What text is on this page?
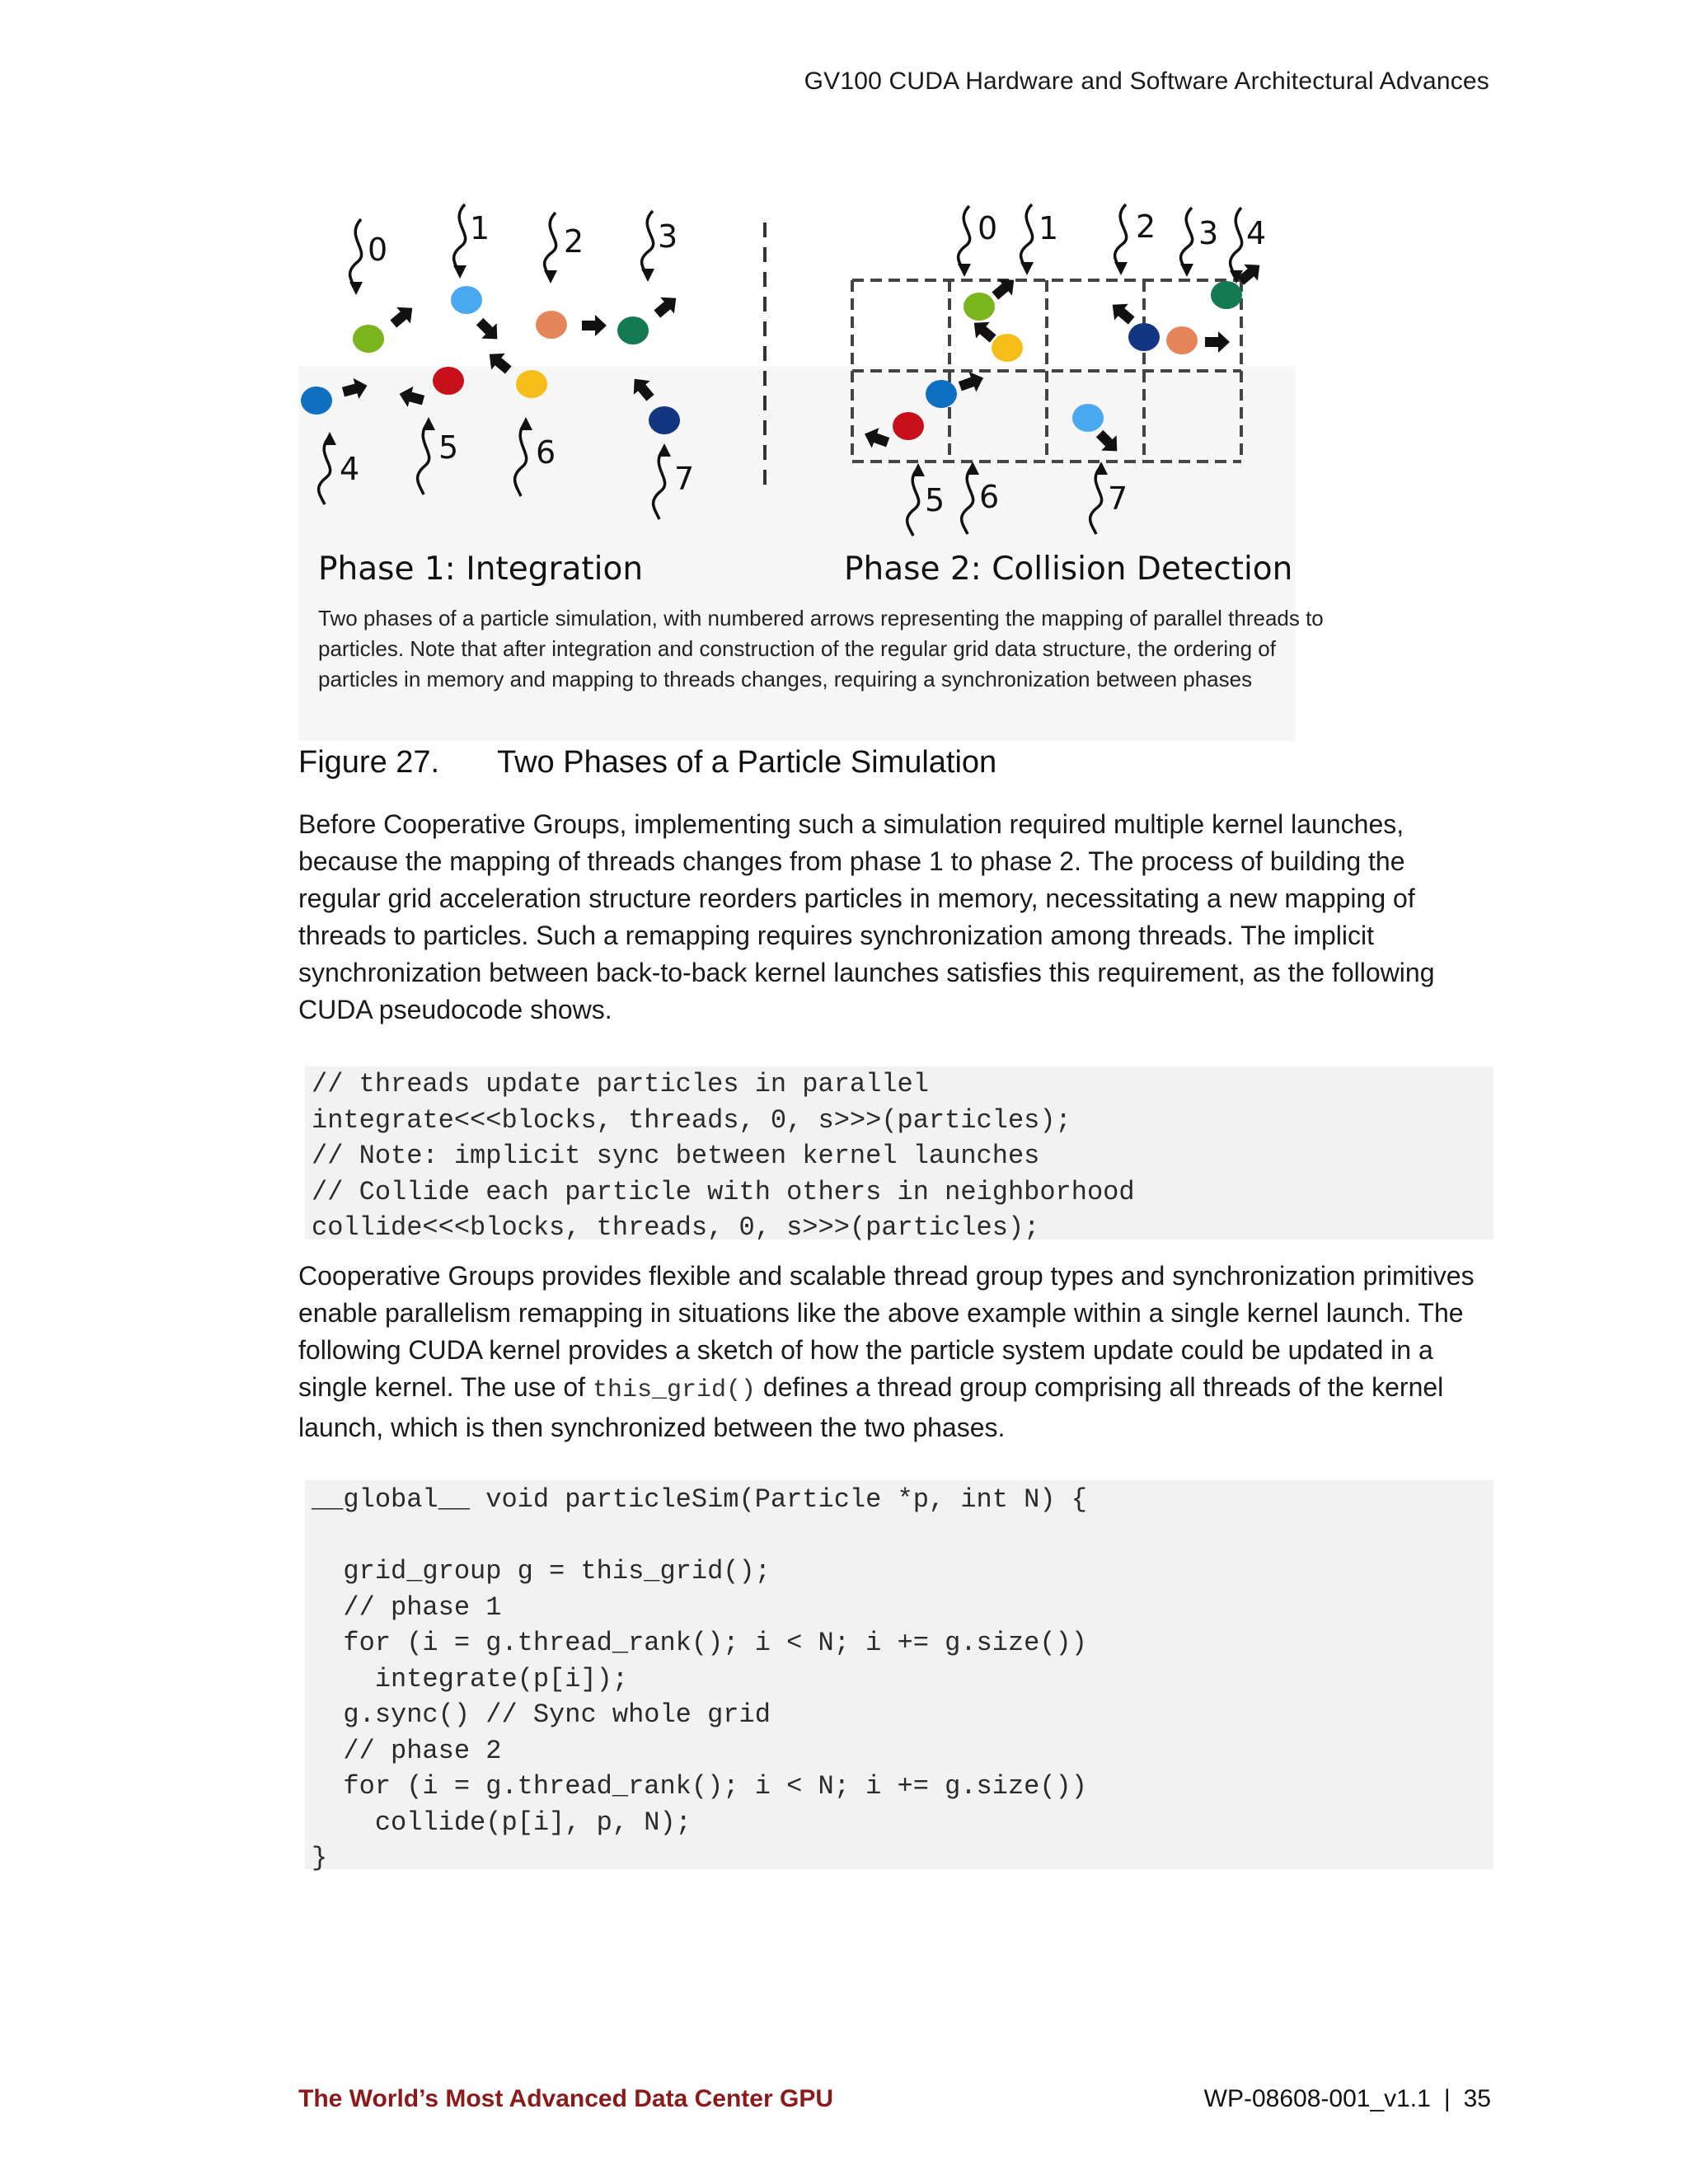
GV100 CUDA Hardware and Software Architectural Advances
0
1 2 3
4
5 6
7
0 1 2 3 4
5 6	7
Phase 1: Integration	Phase 2: Collision Detection
Two phases of a particle simulation, with numbered arrows representing the mapping of parallel threads to particles. Note that after integration and construction of the regular grid data structure, the ordering of particles in memory and mapping to threads changes, requiring a synchronization between phases
Figure 27. Two Phases of a Particle Simulation
Before Cooperative Groups, implementing such a simulation required multiple kernel launches, because the mapping of threads changes from phase 1 to phase 2. The process of building the regular grid acceleration structure reorders particles in memory, necessitating a new mapping of threads to particles. Such a remapping requires synchronization among threads. The implicit synchronization between back-to-back kernel launches satisfies this requirement, as the following CUDA pseudocode shows.
// threads update particles in parallel
integrate<<<blocks, threads, 0, s>>>(particles);
// Note: implicit sync between kernel launches
// Collide each particle with others in neighborhood
collide<<<blocks, threads, 0, s>>>(particles);
Cooperative Groups provides flexible and scalable thread group types and synchronization primitives enable parallelism remapping in situations like the above example within a single kernel launch. The following CUDA kernel provides a sketch of how the particle system update could be updated in a single kernel. The use of this_grid() defines a thread group comprising all threads of the kernel launch, which is then synchronized between the two phases.
__global__ void particleSim(Particle *p, int N) {
grid_group g = this_grid();
// phase 1
for (i = g.thread_rank(); i < N; i += g.size())
integrate(p[i]);
g.sync() // Sync whole grid
// phase 2
for (i = g.thread_rank(); i < N; i += g.size())
collide(p[i], p, N);
}
The World’s Most Advanced Data Center GPU	WP-08608-001_v1.1 | 35
